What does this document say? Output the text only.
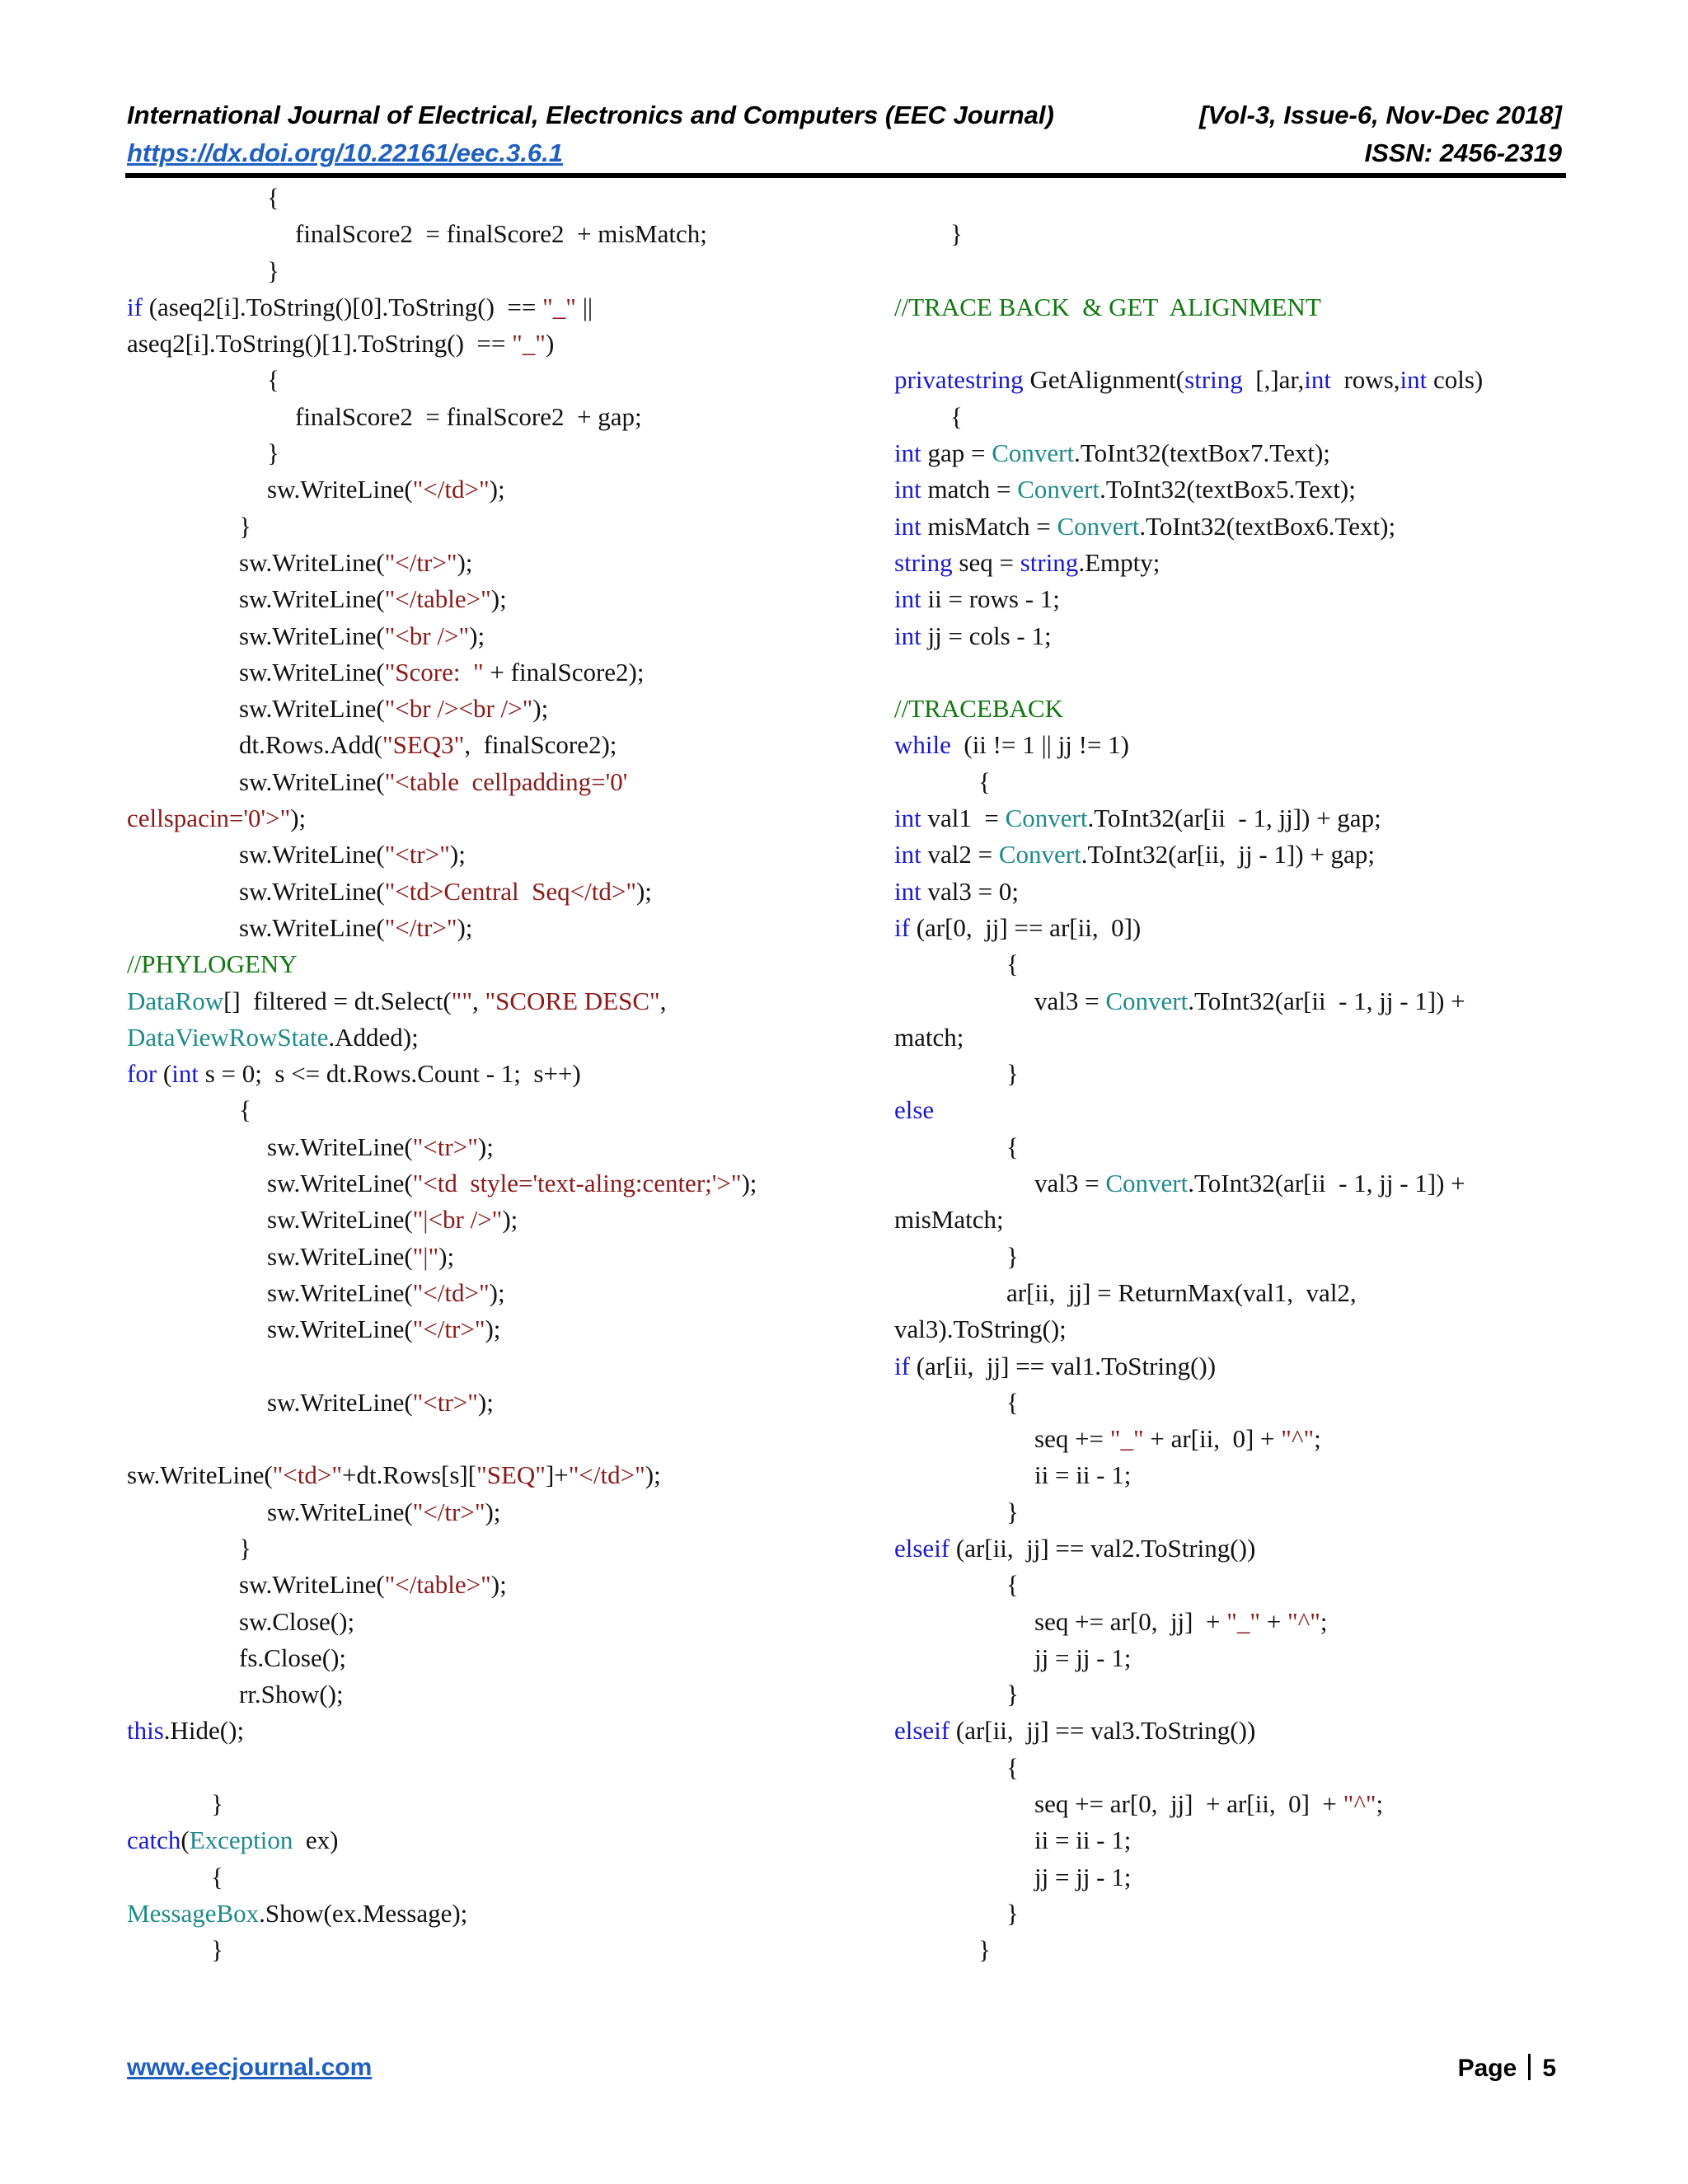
International Journal of Electrical, Electronics and Computers (EEC Journal)	[Vol-3, Issue-6, Nov-Dec 2018]
https://dx.doi.org/10.22161/eec.3.6.1	ISSN: 2456-2319
{
finalScore2  = finalScore2  + misMatch;
}
if (aseq2[i].ToString()[0].ToString()  == "_" ||
aseq2[i].ToString()[1].ToString()  == "_")
{
finalScore2  = finalScore2  + gap;
}
sw.WriteLine("</td>");
}
sw.WriteLine("</tr>");
sw.WriteLine("</table>");
sw.WriteLine("<br />");
sw.WriteLine("Score:  " + finalScore2);
sw.WriteLine("<br /><br />");
dt.Rows.Add("SEQ3",  finalScore2);
sw.WriteLine("<table  cellpadding='0'
cellspacin='0'>");
sw.WriteLine("<tr>");
sw.WriteLine("<td>Central  Seq</td>");
sw.WriteLine("</tr>");
//PHYLOGENY
DataRow[]  filtered = dt.Select("", "SCORE DESC",
DataViewRowState.Added);
for (int s = 0;  s <= dt.Rows.Count - 1;  s++)
{
sw.WriteLine("<tr>");
sw.WriteLine("<td  style='text-aling:center;'>");
sw.WriteLine("|<br />");
sw.WriteLine("|");
sw.WriteLine("</td>");
sw.WriteLine("</tr>");
sw.WriteLine("<tr>");
sw.WriteLine("<td>"+dt.Rows[s]["SEQ"]+"</td>");
sw.WriteLine("</tr>");
}
sw.WriteLine("</table>");
sw.Close();
fs.Close();
rr.Show();
this.Hide();
}
catch(Exception  ex)
{
MessageBox.Show(ex.Message);
}
}
//TRACE BACK  & GET  ALIGNMENT
privatestring GetAlignment(string  [,]ar,int  rows,int cols)
{
int gap = Convert.ToInt32(textBox7.Text);
int match = Convert.ToInt32(textBox5.Text);
int misMatch = Convert.ToInt32(textBox6.Text);
string seq = string.Empty;
int ii = rows - 1;
int jj = cols - 1;
//TRACEBACK
while  (ii != 1 || jj != 1)
{
int val1  = Convert.ToInt32(ar[ii  - 1, jj]) + gap;
int val2 = Convert.ToInt32(ar[ii,  jj - 1]) + gap;
int val3 = 0;
if (ar[0,  jj] == ar[ii,  0])
{
val3 = Convert.ToInt32(ar[ii  - 1, jj - 1]) +
match;
}
else
{
val3 = Convert.ToInt32(ar[ii  - 1, jj - 1]) +
misMatch;
}
ar[ii,  jj] = ReturnMax(val1,  val2,
val3).ToString();
if (ar[ii,  jj] == val1.ToString())
{
seq += "_" + ar[ii,  0] + "^";
ii = ii - 1;
}
elseif (ar[ii,  jj] == val2.ToString())
{
seq += ar[0,  jj]  + "_" + "^";
jj = jj - 1;
}
elseif (ar[ii,  jj] == val3.ToString())
{
seq += ar[0,  jj]  + ar[ii,  0]  + "^";
ii = ii - 1;
jj = jj - 1;
}
}
www.eecjournal.com	Page 5
